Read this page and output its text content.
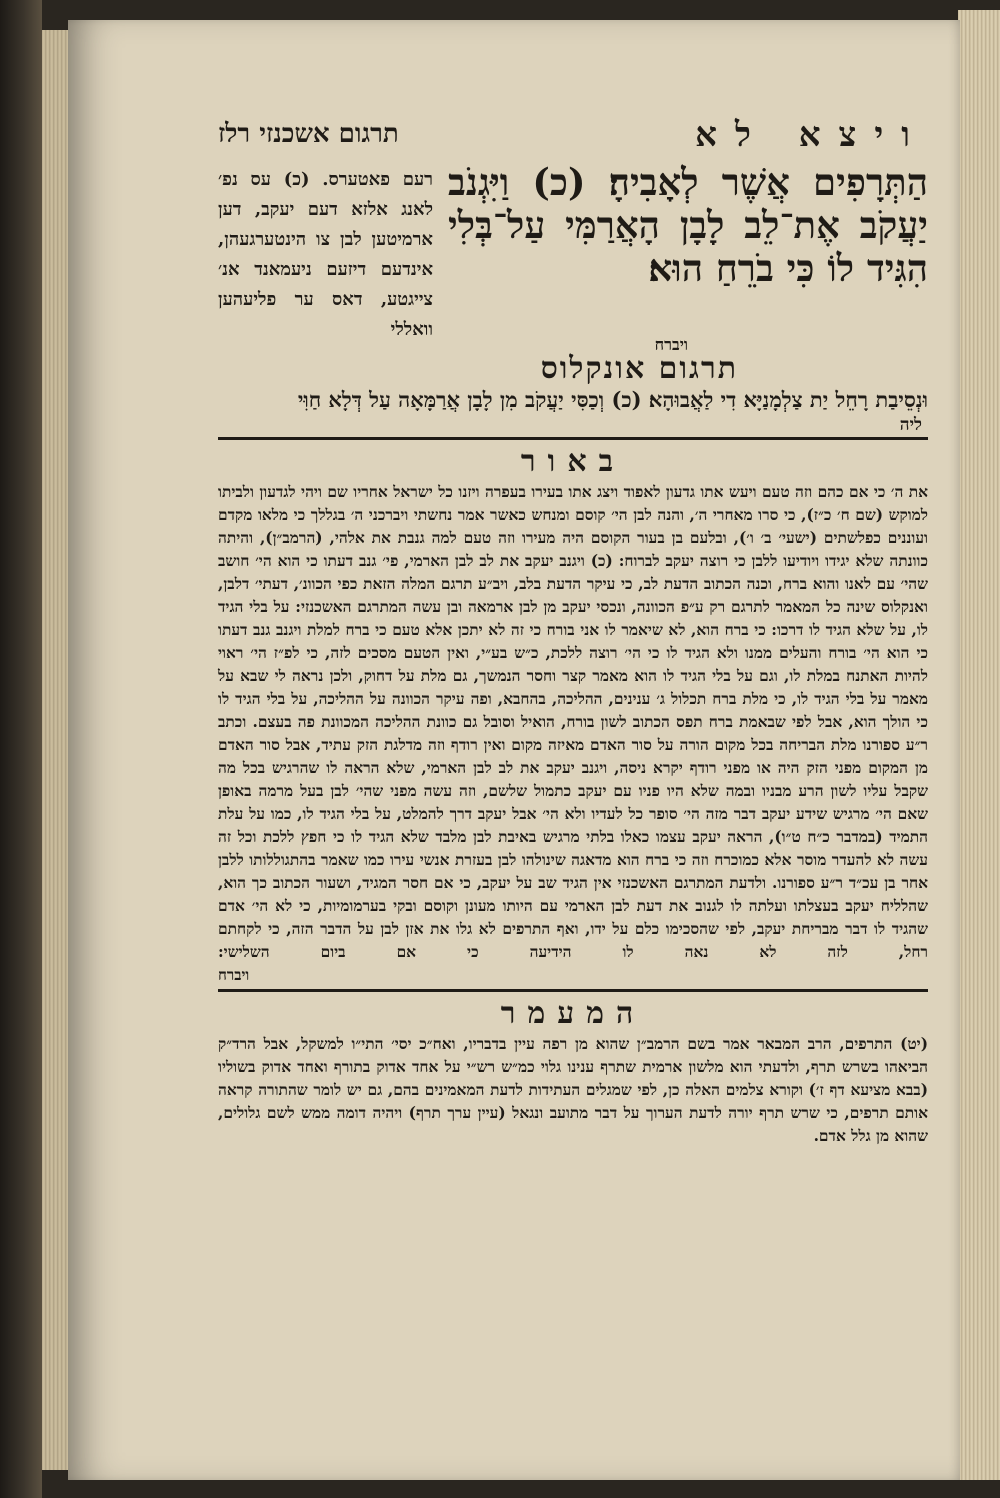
ויצא לא
תרגום אשכנזי רלז
הַתְּרָפִים אֲשֶׁר לְאָבִיהָ׃ (כ) וַיִּגְנֹב יַעֲקֹב אֶת־לֵב לָבָן הָאֲרַמִּי עַל־בְּלִי הִגִּיד לוֹ כִּי בֹרֵחַ הוּא׃
רעם פאטערס. (כ) עס נפ׳ לאנג אלזא דעם יעקב, דען ארמיטען לבן צו הינטערגעהן, אינדעם דיזעם ניעמאנד אנ׳ צייגטע, דאס ער פליעהען וואללי
ויברח
תרגום אונקלוס
וּנְסֵיבַת רָחֵל יַת צַלְמָנַיָּא דִי לַאֲבוּהָא׃ (כ) וְכַסִּי יַעֲקֹב מִן לָבָן אֲרַמָּאָה עַל דְּלָא חַוִּי
ליה
באור

את ה׳ כי אם כהם וזה טעם ויעש אתו גדעון לאפוד ויצג אתו בעירו בעפרה ויזנו כל ישראל אחריו שם ויהי לגדעון ולביתו למוקש (שם ח׳ כ״ז), כי סרו מאחרי ה׳, והנה לבן הי׳ קוסם ומנחש כאשר אמר נחשתי ויברכני ה׳ בגללך כי מלאו מקדם ועוננים כפלשתים (ישעי׳ ב׳ ו׳), ובלעם בן בעור הקוסם היה מעירו וזה טעם למה גנבת את אלהי, (הרמב״ן), והיתה כוונתה שלא יגידו ויודיעו ללבן כי רוצה יעקב לברוח: (כ) ויגנב יעקב את לב לבן הארמי, פי׳ גנב דעתו כי הוא הי׳ חושב שהי׳ עם לאנו והוא ברח, וכנה הכתוב הדעת לב, כי עיקר הדעת בלב, ויב״ע תרגם המלה הזאת כפי הכוונ׳, דעתי׳ דלבן, ואנקלוס שינה כל המאמר לתרגם רק ע״פ הכוונה, ונכסי יעקב מן לבן ארמאה ובן עשה המתרגם האשכנזי: על בלי הגיד לו, על שלא הגיד לו דרכו: כי ברח הוא, לא שיאמר לו אני בורח כי זה לא יתכן אלא טעם כי ברח למלת ויגנב גנב דעתו כי הוא הי׳ בורח והעלים ממנו ולא הגיד לו כי הי׳ רוצה ללכת, כ״ש בע״י, ואין הטעם מסכים לזה, כי לפ״ז הי׳ ראוי להיות האתנח במלת לו, וגם על בלי הגיד לו הוא מאמר קצר וחסר הנמשך, גם מלת על דחוק, ולכן נראה לי שבא על מאמר על בלי הגיד לו, כי מלת ברח תכלול ג׳ ענינים, ההליכה, בהחבא, ופה עיקר הכוונה על ההליכה, על בלי הגיד לו כי הולך הוא, אבל לפי שבאמת ברח תפס הכתוב לשון בורח, הואיל וסובל גם כוונת ההליכה המכוונת פה בעצם. וכתב ר״ע ספורנו מלת הבריחה בכל מקום הורה על סור האדם מאיזה מקום ואין רודף וזה מדלגת הזק עתיד, אבל סור האדם מן המקום מפני הזק היה או מפני רודף יקרא ניסה, ויגנב יעקב את לב לבן הארמי, שלא הראה לו שהרגיש בכל מה שקבל עליו לשון הרע מבניו ובמה שלא היו פניו עם יעקב כתמול שלשם, וזה עשה מפני שהי׳ לבן בעל מרמה באופן שאם הי׳ מרגיש שידע יעקב דבר מזה הי׳ סופר כל לעדיו ולא הי׳ אבל יעקב דרך להמלט, על בלי הגיד לו, כמו על עלת התמיד (במדבר כ״ח ט״ו), הראה יעקב עצמו כאלו בלתי מרגיש באיבת לבן מלבד שלא הגיד לו כי חפץ ללכת וכל זה עשה לא להעדר מוסר אלא כמוכרח וזה כי ברח הוא מדאגה שינולהו לבן בעזרת אנשי עירו כמו שאמר בהתגוללותו ללבן אחר בן עכ״ד ר״ע ספורנו. ולדעת המתרגם האשכנזי אין הגיד שב על יעקב, כי אם חסר המגיד, ושעור הכתוב כך הוא, שהלליח יעקב בעצלתו ועלתה לו לגנוב את דעת לבן הארמי עם היותו מעונן וקוסם ובקי בערמומיות, כי לא הי׳ אדם שהגיד לו דבר מבריחת יעקב, לפי שהסכימו כלם על ידו, ואף התרפים לא גלו את אזן לבן על הדבר הזה, כי לקחתם רחל, לזה לא נאה לו הידיעה כי אם ביום השלישי:

ויברח
המעמר
(יט) התרפים, הרב המבאר אמר בשם הרמב״ן שהוא מן רפה עיין בדבריו, ואח״כ יסי׳ התי״ו למשקל, אבל הרד״ק הביאהו בשרש תרף, ולדעתי הוא מלשון ארמית שתרף ענינו גלוי כמ״ש רש״י על אחד אדוק בתורף ואחד אדוק בשוליו (בבא מציעא דף ז׳) וקורא צלמים האלה כן, לפי שמגלים העתידות לדעת המאמינים בהם, גם יש לומר שהתורה קראה אותם תרפים, כי שרש תרף יורה לדעת הערוך על דבר מתועב ונגאל (עיין ערך תרף) ויהיה דומה ממש לשם גלולים, שהוא מן גלל אדם.
